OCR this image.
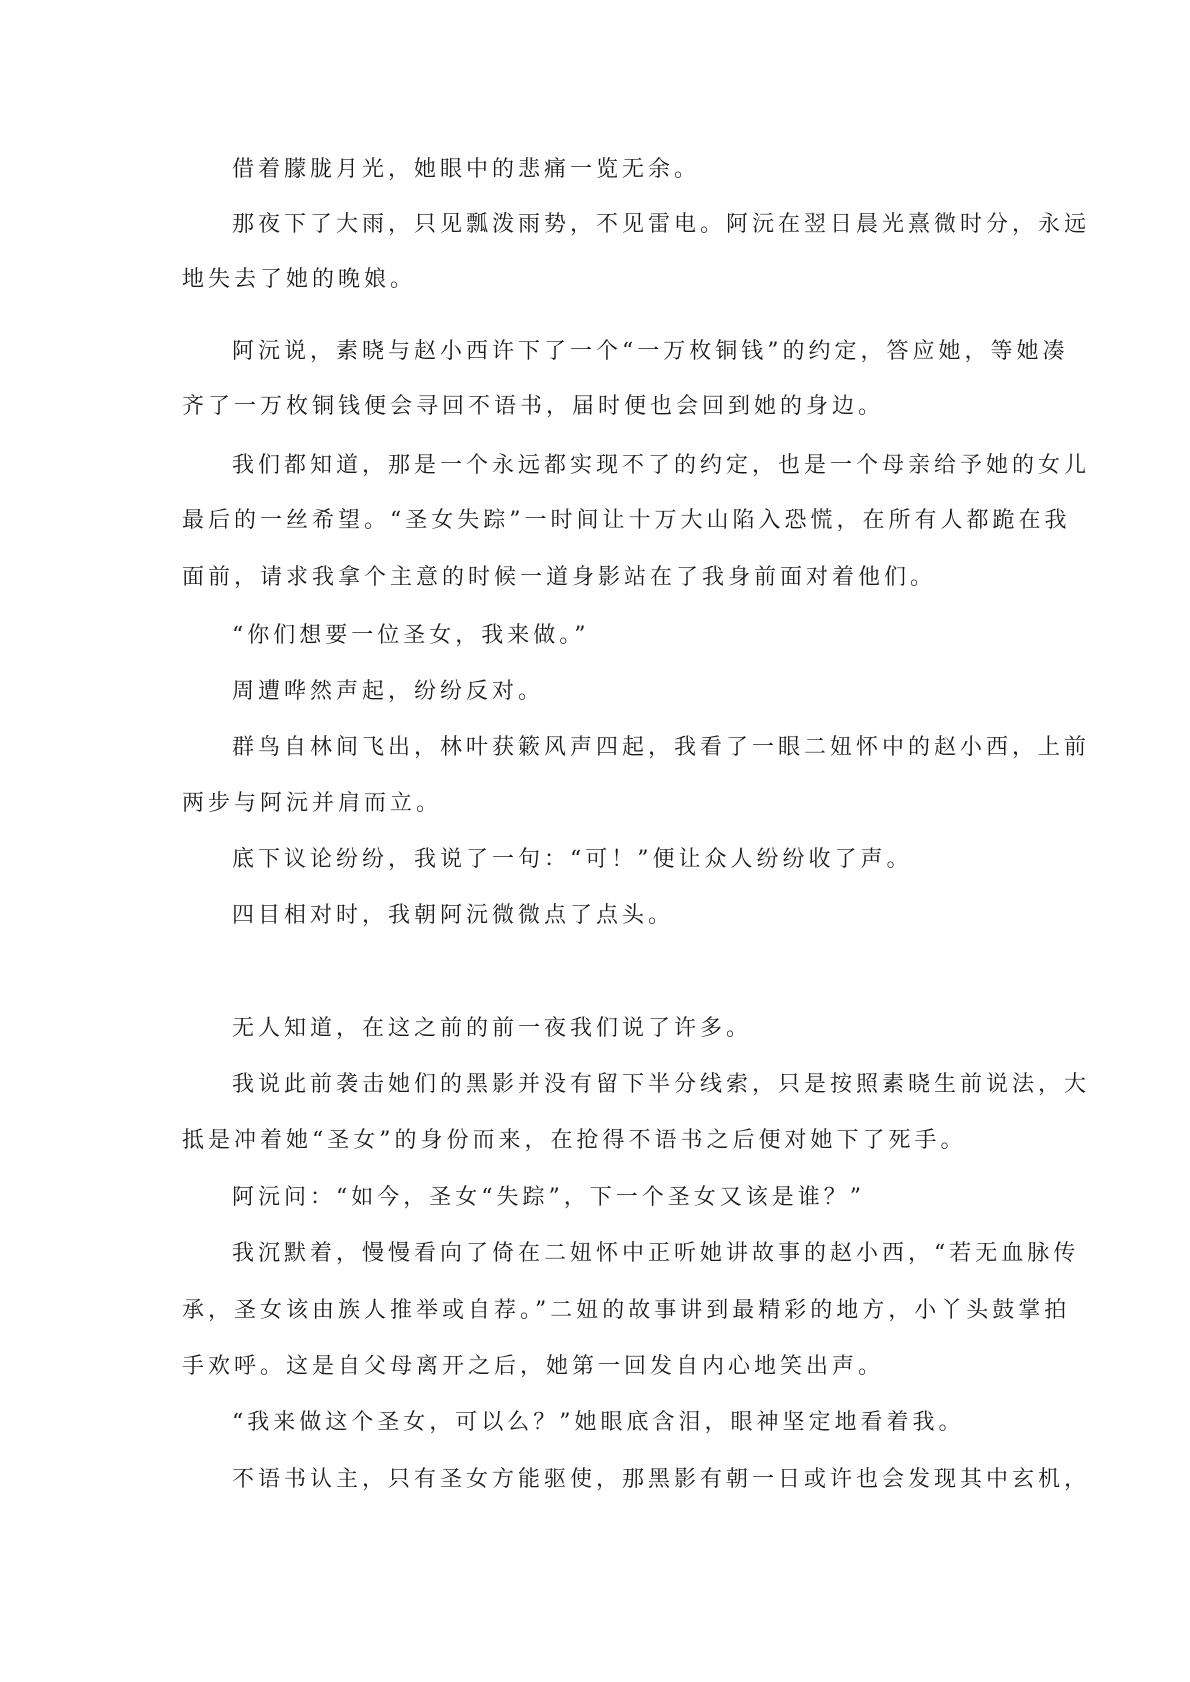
借着朦胧月光，她眼中的悲痛一览无余。
那夜下了大雨，只见瓢泼雨势，不见雷电。阿沅在翌日晨光熹微时分，永远
地失去了她的晚娘。
阿沅说，素晓与赵小西许下了一个“一万枚铜钱”的约定，答应她，等她凑
齐了一万枚铜钱便会寻回不语书，届时便也会回到她的身边。
我们都知道，那是一个永远都实现不了的约定，也是一个母亲给予她的女儿
最后的一丝希望。“圣女失踪”一时间让十万大山陷入恐慌，在所有人都跪在我
面前，请求我拿个主意的时候一道身影站在了我身前面对着他们。
“你们想要一位圣女，我来做。”
周遭哗然声起，纷纷反对。
群鸟自林间飞出，林叶获簌风声四起，我看了一眼二妞怀中的赵小西，上前
两步与阿沅并肩而立。
底下议论纷纷，我说了一句：“可！”便让众人纷纷收了声。
四目相对时，我朝阿沅微微点了点头。
无人知道，在这之前的前一夜我们说了许多。
我说此前袭击她们的黑影并没有留下半分线索，只是按照素晓生前说法，大
抵是冲着她“圣女”的身份而来，在抢得不语书之后便对她下了死手。
阿沅问：“如今，圣女“失踪”，下一个圣女又该是谁？”
我沉默着，慢慢看向了倚在二妞怀中正听她讲故事的赵小西，“若无血脉传
承，圣女该由族人推举或自荐。”二妞的故事讲到最精彩的地方，小丫头鼓掌拍
手欢呼。这是自父母离开之后，她第一回发自内心地笑出声。
“我来做这个圣女，可以么？”她眼底含泪，眼神坚定地看着我。
不语书认主，只有圣女方能驱使，那黑影有朝一日或许也会发现其中玄机，
